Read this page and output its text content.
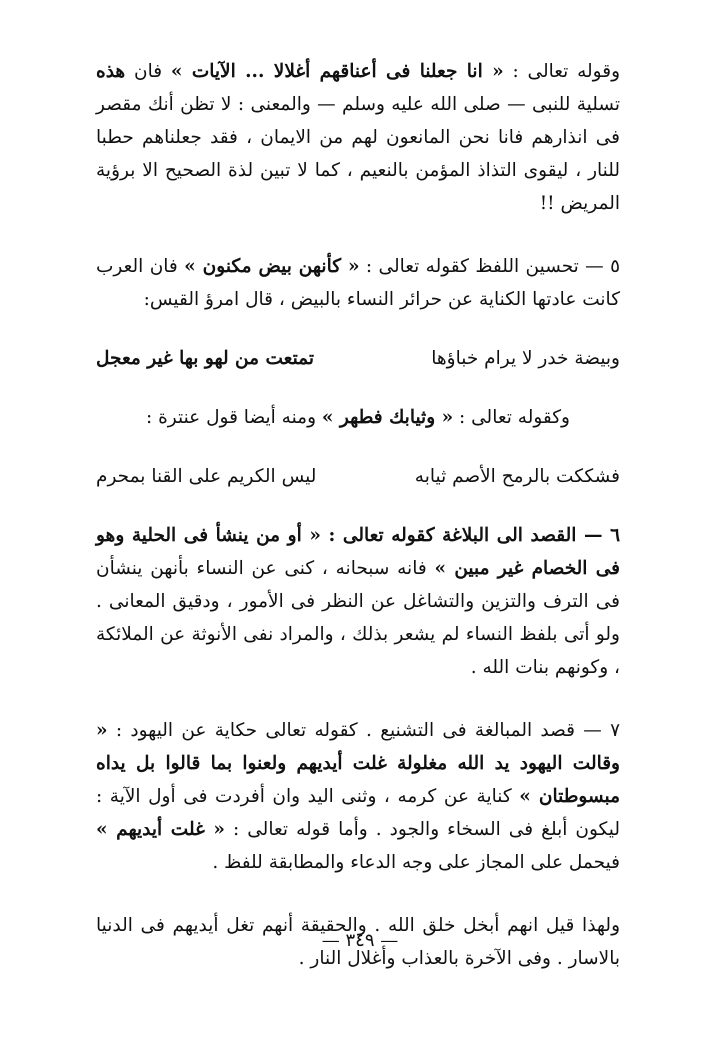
وقوله تعالى : « انا جعلنا فى أعناقهم أغلالا ... الآيات » فان هذه تسلية للنبى — صلى الله عليه وسلم — والمعنى : لا تظن أنك مقصر فى انذارهم فانا نحن المانعون لهم من الايمان ، فقد جعلناهم حطبا للنار ، ليقوى التذاذ المؤمن بالنعيم ، كما لا تبين لذة الصحيح الا برؤية المريض !!

٥ — تحسين اللفظ كقوله تعالى : « كأنهن بيض مكنون » فان العرب كانت عادتها الكناية عن حرائر النساء بالبيض ، قال امرؤ القيس:

وبيضة خدر لا يرام خباؤها
تمتعت من لهو بها غير معجل

وكقوله تعالى : « وثيابك فطهر » ومنه أيضا قول عنترة :

فشككت بالرمح الأصم ثيابه
ليس الكريم على القنا بمحرم

٦ — القصد الى البلاغة كقوله تعالى : « أو من ينشأ فى الحلية وهو فى الخصام غير مبين » فانه سبحانه ، كنى عن النساء بأنهن ينشأن فى الترف والتزين والتشاغل عن النظر فى الأمور ، ودقيق المعانى . ولو أتى بلفظ النساء لم يشعر بذلك ، والمراد نفى الأنوثة عن الملائكة ، وكونهم بنات الله .

٧ — قصد المبالغة فى التشنيع . كقوله تعالى حكاية عن اليهود : « وقالت اليهود يد الله مغلولة غلت أيديهم ولعنوا بما قالوا بل يداه مبسوطتان » كناية عن كرمه ، وثنى اليد وان أفردت فى أول الآية : ليكون أبلغ فى السخاء والجود . وأما قوله تعالى : « غلت أيديهم » فيحمل على المجاز على وجه الدعاء والمطابقة للفظ .

ولهذا قيل انهم أبخل خلق الله . والحقيقة أنهم تغل أيديهم فى الدنيا بالاسار . وفى الآخرة بالعذاب وأغلال النار .

— ٣٤٩ —
